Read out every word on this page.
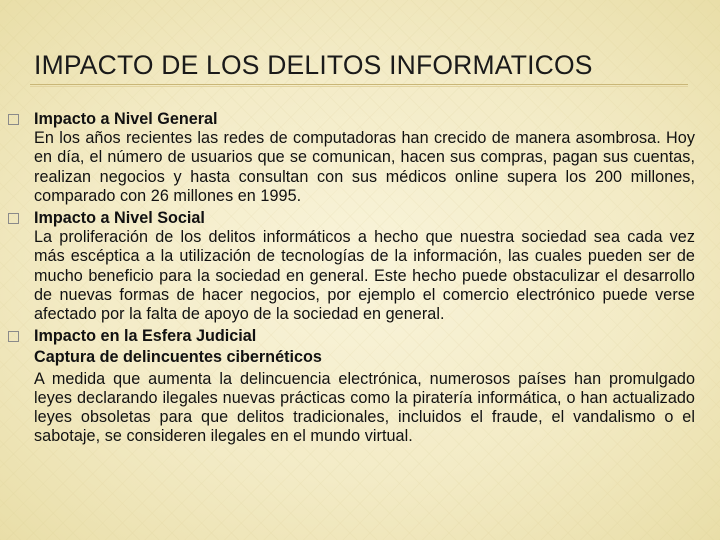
IMPACTO DE LOS DELITOS INFORMATICOS
Impacto a Nivel General
En los años recientes las redes de computadoras han crecido de manera asombrosa. Hoy en día, el número de usuarios que se comunican, hacen sus compras, pagan sus cuentas, realizan negocios y hasta consultan con sus médicos online supera los 200 millones, comparado con 26 millones en 1995.
Impacto a Nivel Social
La proliferación de los delitos informáticos a hecho que nuestra sociedad sea cada vez más escéptica a la utilización de tecnologías de la información, las cuales pueden ser de mucho beneficio para la sociedad en general. Este hecho puede obstaculizar el desarrollo de nuevas formas de hacer negocios, por ejemplo el comercio electrónico puede verse afectado por la falta de apoyo de la sociedad en general.
Impacto en la Esfera Judicial
Captura de delincuentes cibernéticos
A medida que aumenta la delincuencia electrónica, numerosos países han promulgado leyes declarando ilegales nuevas prácticas como la piratería informática, o han actualizado leyes obsoletas para que delitos tradicionales, incluidos el fraude, el vandalismo o el sabotaje, se consideren ilegales en el mundo virtual.
